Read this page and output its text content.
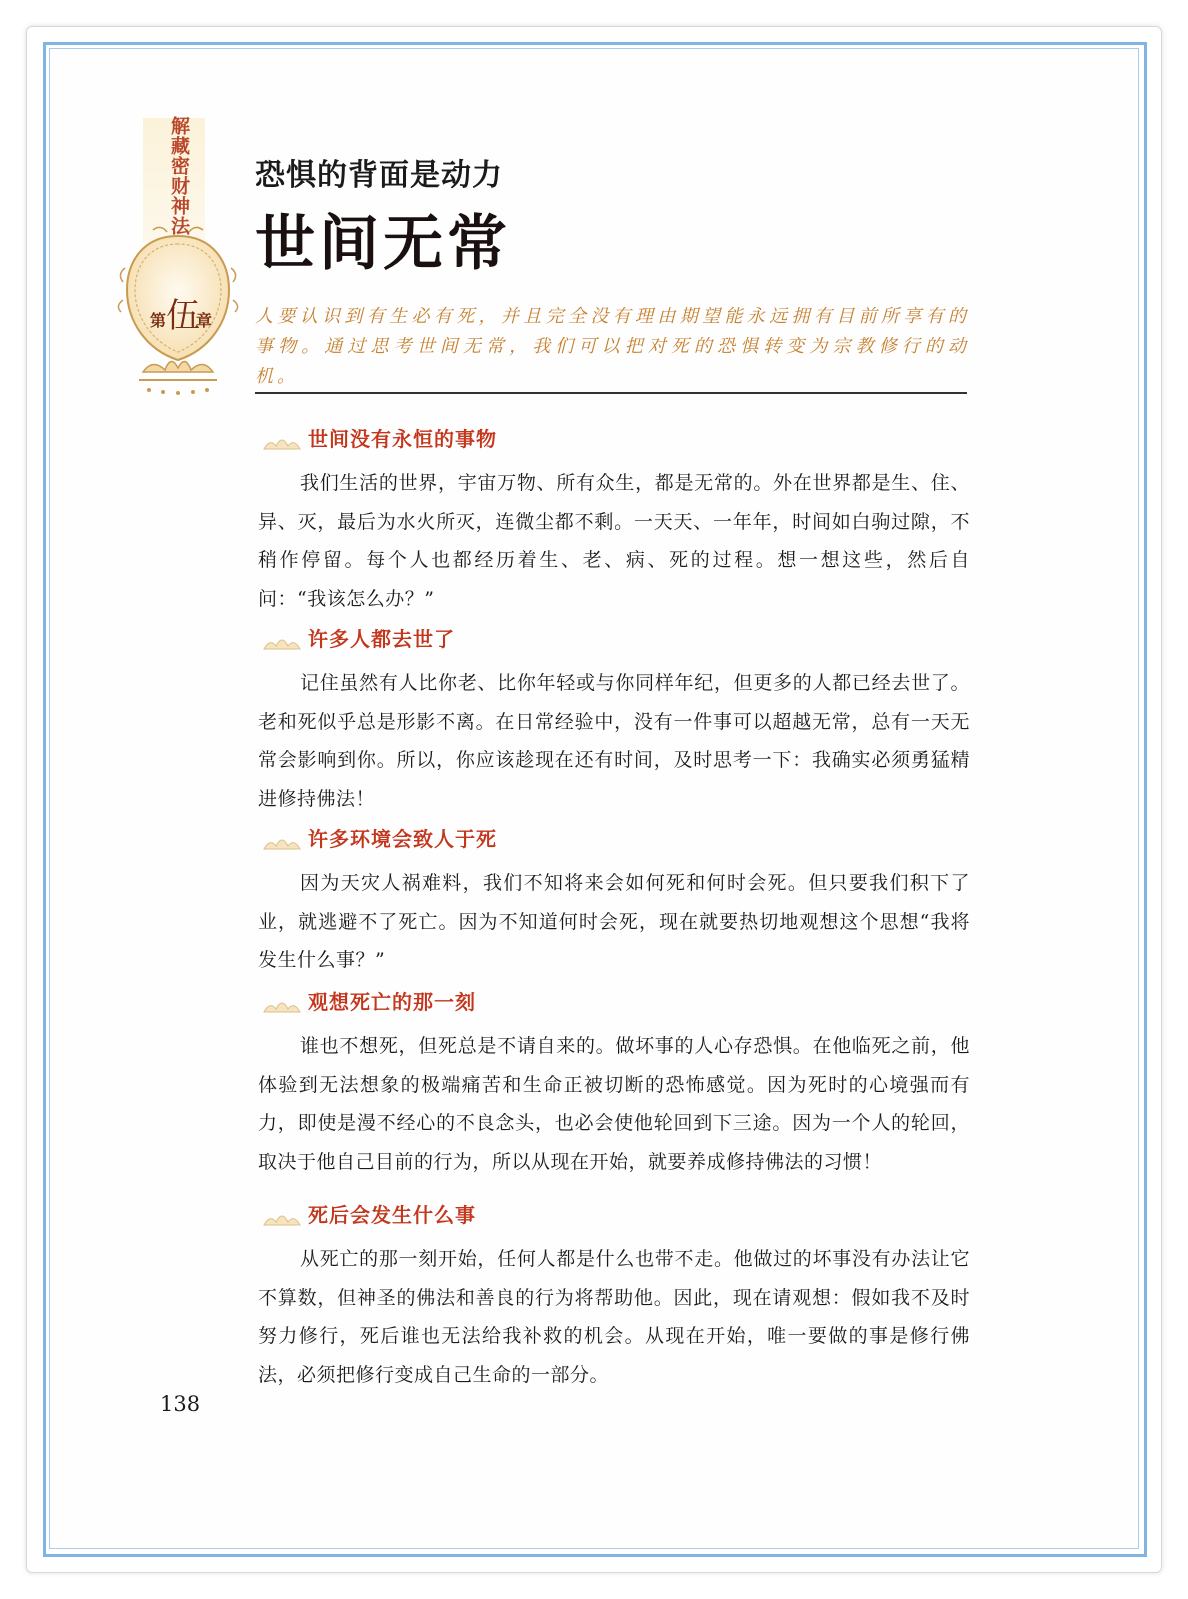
解藏密财神法
第 伍
章
恐惧的背面是动力
世间无常
人要认识到有生必有死，并且完全没有理由期望能永远拥有目前所享有的事物。通过思考世间无常，我们可以把对死的恐惧转变为宗教修行的动机。
世间没有永恒的事物

我们生活的世界，宇宙万物、所有众生，都是无常的。外在世界都是生、住、异、灭，最后为水火所灭，连微尘都不剩。一天天、一年年，时间如白驹过隙，不稍作停留。每个人也都经历着生、老、病、死的过程。想一想这些，然后自问：“我该怎么办？”

许多人都去世了

记住虽然有人比你老、比你年轻或与你同样年纪，但更多的人都已经去世了。老和死似乎总是形影不离。在日常经验中，没有一件事可以超越无常，总有一天无常会影响到你。所以，你应该趁现在还有时间，及时思考一下：我确实必须勇猛精进修持佛法！

许多环境会致人于死

因为天灾人祸难料，我们不知将来会如何死和何时会死。但只要我们积下了业，就逃避不了死亡。因为不知道何时会死，现在就要热切地观想这个思想“我将发生什么事？”

观想死亡的那一刻

谁也不想死，但死总是不请自来的。做坏事的人心存恐惧。在他临死之前，他体验到无法想象的极端痛苦和生命正被切断的恐怖感觉。因为死时的心境强而有力，即使是漫不经心的不良念头，也必会使他轮回到下三途。因为一个人的轮回，取决于他自己目前的行为，所以从现在开始，就要养成修持佛法的习惯！

死后会发生什么事

从死亡的那一刻开始，任何人都是什么也带不走。他做过的坏事没有办法让它不算数，但神圣的佛法和善良的行为将帮助他。因此，现在请观想：假如我不及时努力修行，死后谁也无法给我补救的机会。从现在开始，唯一要做的事是修行佛法，必须把修行变成自己生命的一部分。

138
